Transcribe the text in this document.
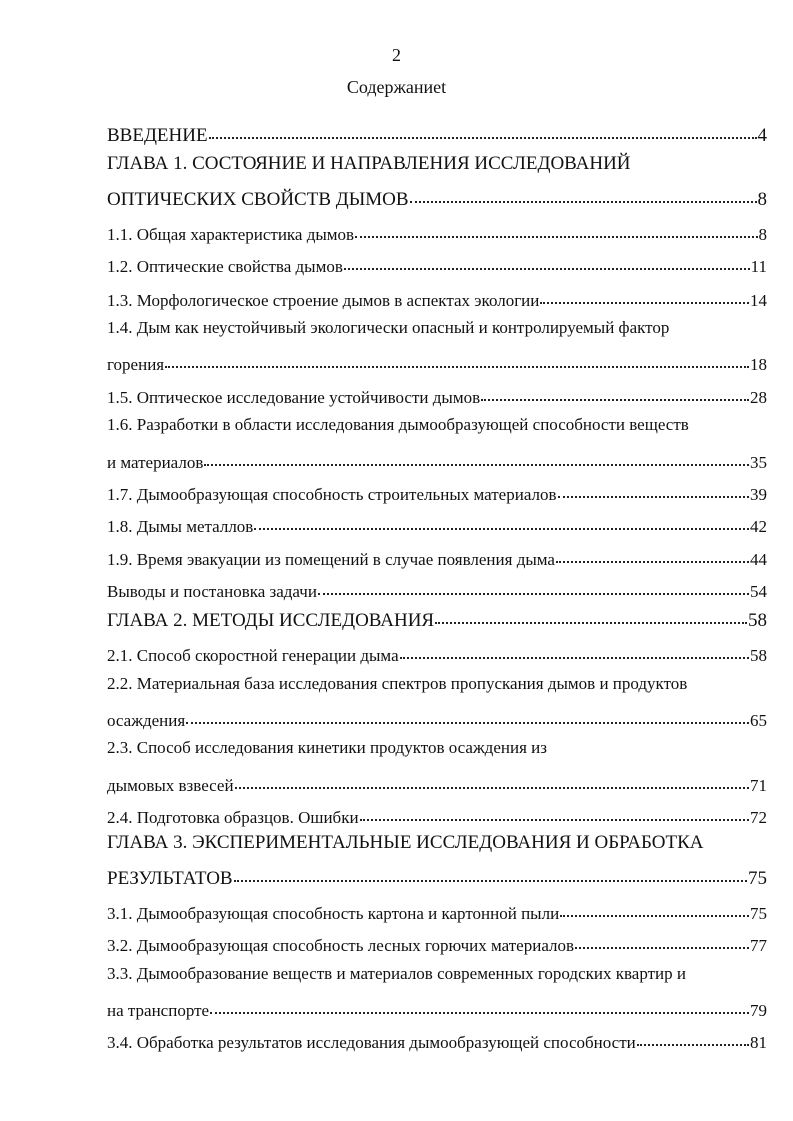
2
Содержаниеt
ВВЕДЕНИЕ	4
ГЛАВА 1. СОСТОЯНИЕ И НАПРАВЛЕНИЯ ИССЛЕДОВАНИЙ
ОПТИЧЕСКИХ СВОЙСТВ ДЫМОВ	8
1.1. Общая характеристика дымов	8
1.2. Оптические свойства дымов	11
1.3. Морфологическое строение дымов в аспектах экологии	14
1.4. Дым как неустойчивый экологически опасный и контролируемый фактор
горения	18
1.5. Оптическое исследование устойчивости дымов	28
1.6. Разработки в области исследования дымообразующей способности веществ
и материалов	35
1.7. Дымообразующая способность строительных материалов	39
1.8. Дымы металлов	42
1.9. Время эвакуации из помещений в случае появления дыма	44
Выводы и постановка задачи	54
ГЛАВА 2. МЕТОДЫ ИССЛЕДОВАНИЯ	58
2.1. Способ скоростной генерации дыма	58
2.2. Материальная база исследования спектров пропускания дымов и продуктов
осаждения	65
2.3. Способ исследования кинетики продуктов осаждения из
дымовых взвесей	71
2.4. Подготовка образцов. Ошибки	72
ГЛАВА 3. ЭКСПЕРИМЕНТАЛЬНЫЕ ИССЛЕДОВАНИЯ И ОБРАБОТКА
РЕЗУЛЬТАТОВ	75
3.1. Дымообразующая способность картона и картонной пыли	75
3.2. Дымообразующая способность лесных горючих материалов	77
3.3. Дымообразование веществ и материалов современных городских квартир и
на транспорте	79
3.4. Обработка результатов исследования дымообразующей способности	81
